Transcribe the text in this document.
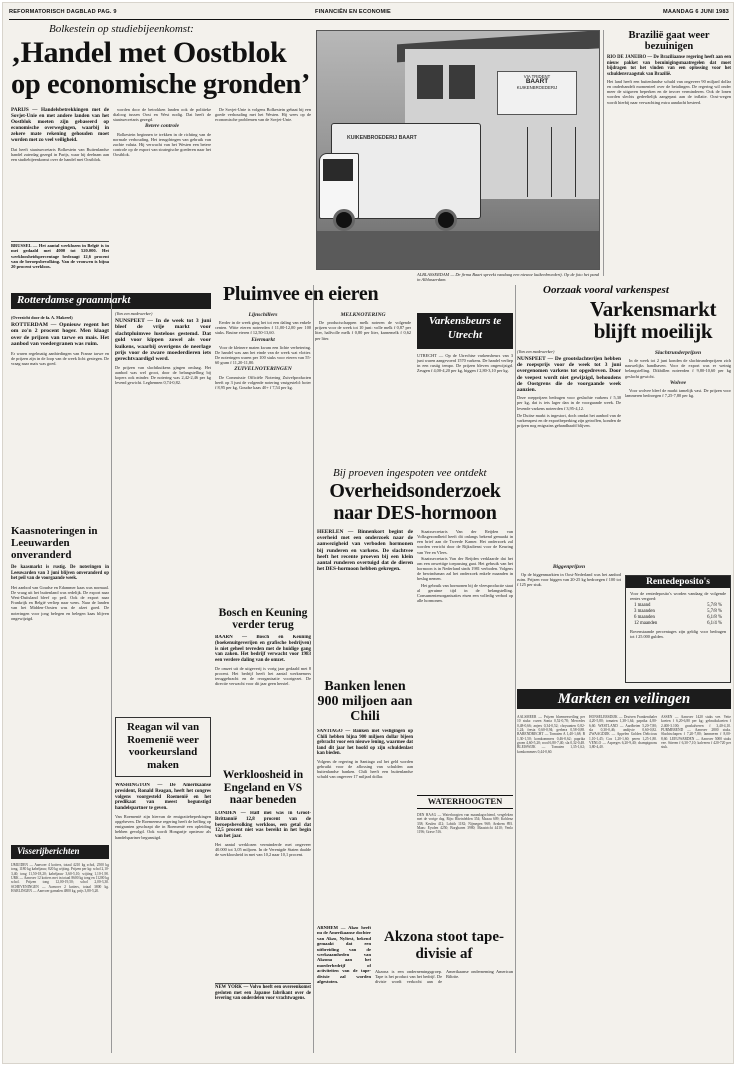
REFORMATORISCH DAGBLAD PAG. 9	FINANCIËN EN ECONOMIE	MAANDAG 6 JUNI 1983
Bolkestein op studiebijeenkomst:
‚Handel met Oostblok
op economische gronden’
PARIJS — Handelsbetrekkingen met de Sovjet-Unie en met andere landen van het Oostblok moeten zijn gebaseerd op economische overwegingen, waarbij in zekere mate rekening gehouden moet worden met zo veel veiligheid.
Dat heeft staatssecretaris Bolkestein van Buitenlandse handel zaterdag gezegd in Parijs, waar hij deelnam aan een studiebijeenkomst over de handel met Oostblok.

worden door de betrokken landen ook de politieke dialoog tussen Oost en West nodig. Dat heeft de staatssecretaris gezegd.

Betere controle

Bolkestein beginnen te trekken in de richting van de normale verhouding. Het terugdringen van gebruik van zachte valuta. Hij verwacht van het Westen een betere controle op de export van strategische goederen naar het Oostblok.

De Sovjet-Unie is volgens Bolkestein gebaat bij een goede verhouding met het Westen. Hij wees op de economische problemen van de Sovjet-Unie.

BRUSSEL — Het aantal werklozen in België is in mei gedaald met 4000 tot 520.000. Het werkloosheidspercentage bedraagt 12,6 procent van de beroepsbevolking. Van de vrouwen is bijna 20 procent werkloos.
VIA TRIDENT
BAART
KUIKENBROEDERIJ
KUIKENBROEDERIJ BAART
ALBLASSERDAM — De firma Baart spreekt vandaag een nieuwe kuikenbroederij. Op de foto het pand in Alblasserdam.
Brazilië gaat weer bezuinigen
RIO DE JANEIRO — De Braziliaanse regering heeft aan een nieuw pakket van bezuinigingsmaatregelen dat moet bijdragen tot het vinden van een oplossing voor het schuldenvraagstuk van Brazilië.
Het land heeft een buitenlandse schuld van ongeveer 90 miljard dollar en onderhandelt momenteel over de betalingen. De regering wil onder meer de uitgaven beperken en de invoer verminderen. Ook de lonen worden slechts gedeeltelijk aangepast aan de inflatie. Oost-wegen wordt hierbij naar verwachting extra aandacht besteed.
Rotterdamse graanmarkt
(Overzicht door de fa. A. Makreel)
ROTTERDAM — Opnieuw regent het om zo'n 2 procent hoger. Men klaagt over de prijzen van tarwe en mais. Het aanbod van voedergranen was ruim.
Er waren regelmatig aanbiedingen van Franse tarwe en de prijzen zijn in de loop van de week licht gestegen. De vraag naar mais was goed.
Kaasnoteringen in Leeuwarden onveranderd
De kaasmarkt is rustig. De noteringen in Leeuwarden van 3 juni blijven onveranderd op het peil van de voorgaande week.
Het aanbod van Goudse en Edammer kaas was normaal. De vraag uit het buitenland was redelijk. De export naar West-Duitsland bleef op peil. Ook de export naar Frankrijk en België verliep naar wens. Naar de landen van het Midden-Oosten was de afzet goed. De noteringen voor jong belegen en belegen kaas blijven ongewijzigd.
Visserijberichten
IJMUIDEN — Aanvoer 4 kotters, totaal 4210 kg schol, 2500 kg tong, 1180 kg kabeljauw, 820 kg wijting. Prijzen per kg: schol 2,10-3,40; tong 11,50-18,20; kabeljauw 3,60-5,10; wijting 1,10-1,90. URK — Aanvoer 12 kotters met in totaal 8600 kg tong en 11200 kg schol. Prijzen tong 12,00-19,50; schol 2,00-3,30. SCHEVENINGEN — Aanvoer 2 kotters, totaal 3800 kg. HARLINGEN — Aanvoer garnalen 4800 kg, prijs 3,80-5,20.
Pluimvee en eieren
(Van een medewerker)
NUNSPEET — In de week tot 3 juni bleef de vrije markt voor slachtpluimvee lusteloos gestemd. Dat gold voor kippen zowel als voor kuikens, waarbij overigens de neerlage prijs voor de zware moederdieren iets gerechtvaardigd werd.
De prijzen van slachtkuikens gingen omlaag. Het aanbod was wel groot, door de belangstelling bij kopers ook minder. De notering was 2,42-2,46 per kg levend gewicht. Leghennen 0,74-0,82.
Lijnschillers

Eerder in de week ging het tot een daling van enkele centen. Witte eieren noteerden f 11,00-12,00 per 100 stuks. Bruine eieren f 12,50-13,60.

Eiermarkt

Voor de kleinere maten kwam een lichte verbetering. De handel was aan het einde van de week wat vlotter. De noteringen waren per 100 stuks voor eieren van 55-60 gram f 11,20-11,80.

ZUIVELNOTERINGEN

De Commissie Officiële Notering Zuivelproducten heeft op 3 juni de volgende notering vastgesteld: boter f 8,95 per kg, Goudse kaas 40+ f 7,54 per kg.

MELKNOTERING

De productschappen melk noteren de volgende prijzen voor de week tot 10 juni: volle melk f 0,87 per liter, halfvolle melk f 0,80 per liter, karnemelk f 0,62 per liter.

Varkensbeurs te Utrecht
UTRECHT — Op de Utrechtse varkensbeurs van 3 juni waren aangevoerd 1570 varkens. De handel verliep in een rustig tempo. De prijzen bleven ongewijzigd. Zeugen f 4,00-4,20 per kg, biggen f 2,80-3,10 per kg.
Oorzaak vooral varkenspest
Varkensmarkt
blijft moeilijk
(Van een medewerker)
NUNSPEET — De grootslachterijen hebben de roepsprijs voor de week tot 3 juni overgenomen varkens tot opgedreven. Door de veepest wordt niet gewijzigd, behoudens de Oostgrens die de voorgaande week aanzien.
Deze roepprijzen bedragen voor geslachte varkens f 5,30 per kg, dat is iets lager dan in de voorgaande week. De levende varkens noteerden f 3,95-4,12.
De Duitse markt is ingestort, doch omdat het aanbod van de varkenspest en de exportbeperking zijn getroffen, konden de prijzen nog enigszins gehandhaafd blijven.
Biggenprijzen

Op de biggenmarkten in Oost-Nederland was het aanbod ruim. Prijzen voor biggen van 20-25 kg bedroegen f 100 tot f 125 per stuk.

Slachtrunderprijzen

In de week tot 2 juni konden de slachtrunderprijzen zich nauwelijks handhaven. Voor de export was er weinig belangstelling. Dikbillen noteerden f 9,80-10,60 per kg geslacht gewicht.

Wolvee

Voor wolvee bleef de markt tamelijk vast. De prijzen voor lammeren bedroegen f 7,25-7,80 per kg.

Rentedeposito's
Voor de rentedeposito's worden vandaag de volgende rentes vergoed:
1 maand	5,7/8 %
3 maanden	5,7/8 %
6 maanden	6,1/8 %
12 maanden	6,1/4 %
Bovenstaande percentages zijn geldig voor bedragen tot f 25.000 gulden.
Bij proeven ingespoten vee ontdekt
Overheidsonderzoek
naar DES-hormoon
HEERLEN — Binnenkort begint de overheid met een onderzoek naar de aanwezigheid van verboden hormonen bij runderen en varkens. De slachtvee heeft het recente proeven bij een klein aantal runderen overtuigd dat de dieren het DES-hormoon hebben gekregen.

Staatssecretaris Van der Reijden van Volksgezondheid heeft dit onlangs bekend gemaakt in een brief aan de Tweede Kamer. Het onderzoek zal worden verricht door de Rijksdienst voor de Keuring van Vee en Vlees.

Staatssecretaris Van der Reijden verklaarde dat het om een onwettige toepassing gaat. Het gebruik van het hormoon is in Nederland sinds 1981 verboden. Volgens de bewindsman zal het onderzoek enkele maanden in beslag nemen.

Het gebruik van hormonen bij de vleesproductie staat al geruime tijd in de belangstelling. Consumentenorganisaties eisen een volledig verbod op alle hormonen.

Bosch en Keuning verder terug
BAARN — Bosch en Keuning (boekenuitgeverijen en grafische bedrijven) is niet geheel tevreden met de huidige gang van zaken. Het bedrijf verwacht voor 1983 een verdere daling van de omzet.
De omzet uit de uitgeverij is vorig jaar gedaald met 8 procent. Het bedrijf heeft het aantal werknemers teruggebracht en de reorganisatie voortgezet. De directie verwacht voor dit jaar geen herstel.
Reagan wil van Roemenië weer voorkeursland maken
WASHINGTON — De Amerikaanse president, Ronald Reagan, heeft het congres volgens voorgesteld Roemenië en het predikaat van meest begunstigd handelspartner te geven.
Van Roemenië zijn hiervan de emigratiebeperkingen opgeheven. De Roemeense regering heeft de heffing op emigranten geschrapt die in Roemenië een opleiding hebben gevolgd. Ook wordt Hongarije opnieuw als handelspartner begunstigd.
Werkloosheid in Engeland en VS naar beneden
LONDEN — Half mei was in Groot-Brittannië 12,8 procent van de beroepsbevolking werkloos, een getal dat 12,5 procent niet was bereikt in het begin van het jaar.
Het aantal werklozen verminderde met ongeveer 40.000 tot 3,05 miljoen. In de Verenigde Staten daalde de werkloosheid in mei van 10,2 naar 10,1 procent.
NEW YORK — Volvo heeft een overeenkomst gesloten met een Japanse fabrikant over de levering van onderdelen voor vrachtwagens.
Banken lenen 900 miljoen aan Chili
SANTIAGO — Banken met vestigingen op Chili hebben bijna 900 miljoen dollar bijeen gebracht voor een nieuwe lening, waarmee dat land dit jaar het hoofd op zijn schuldenlast kan bieden.
Volgens de regering in Santiago zal het geld worden gebruikt voor de aflossing van schulden aan buitenlandse banken. Chili heeft een buitenlandse schuld van ongeveer 17 miljard dollar.
WATERHOOGTEN
DEN HAAG — Waterhoogten van maandagochtend, vergeleken met de vorige dag. Rijn: Rheinfelden 354; Maxau 609; Koblenz 338; Keulen 412; Lobith 1182; Nijmegen 968; Arnhem 893. Maas: Eysden 4250; Borgharen 3980; Maastricht 4410; Venlo 1196; Grave 516.
ARNHEM — Akzo heeft nu de Amerikaanse dochter van Akzo, Nyltest, bekend gemaakt dat een uitbreiding van de werkzaamheden van Akzona aan het moederbedrijf of activiteiten van de tape-divisie zal worden afgestoten.
Akzona stoot tape-divisie af
Akzona is een ondernemingsgroep. Tape is het product van het bedrijf. De divisie wordt verkocht aan de Amerikaanse onderneming American Biltrite.
Markten en veilingen
AALSMEER — Prijzen bloemenveiling per 10 stuks: rozen Sonia 0,52-0,78; Mercedes 0,48-0,66; anjers 0,34-0,52; chrysanten 0,82-1,24; fresia 0,60-0,94; gerbera 0,58-0,88. BARENDRECHT — Tomaten A 1,40-1,68; B 1,30-1,50; komkommers 0,46-0,62; paprika groen 4,60-5,20; rood 6,80-7,40; sla 0,32-0,48. BLEISWIJK — Tomaten 1,35-1,62; komkommers 0,44-0,60.
HONSELERSDIJK — Druiven Frankenthaler 4,20-5,80; tomaten 1,38-1,64; paprika 4,80-6,60. WESTLAND — Aardbeien 5,20-7,80; sla 0,30-0,46; andijvie 0,60-0,82. ZWAAGDIJK — Appelen Golden Delicious 1,10-1,45; Cox 1,20-1,60; peren 1,25-1,80. VENLO — Asperges 6,20-9,40; champignons 3,80-4,40.
ASSEN — Aanvoer 1420 stuks vee. Vette koeien f 6,20-6,80 per kg; gebruikskoeien f 2.400-3.100; graskalveren f 3,40-4,10. PURMEREND — Aanvoer 2800 stuks. Slachtschapen f 7,20-7,80; lammeren f 8,00-8,60. LEEUWARDEN — Aanvoer 5000 stuks vee. Stieren f 6,30-7,10; kalveren f 420-720 per stuk.
